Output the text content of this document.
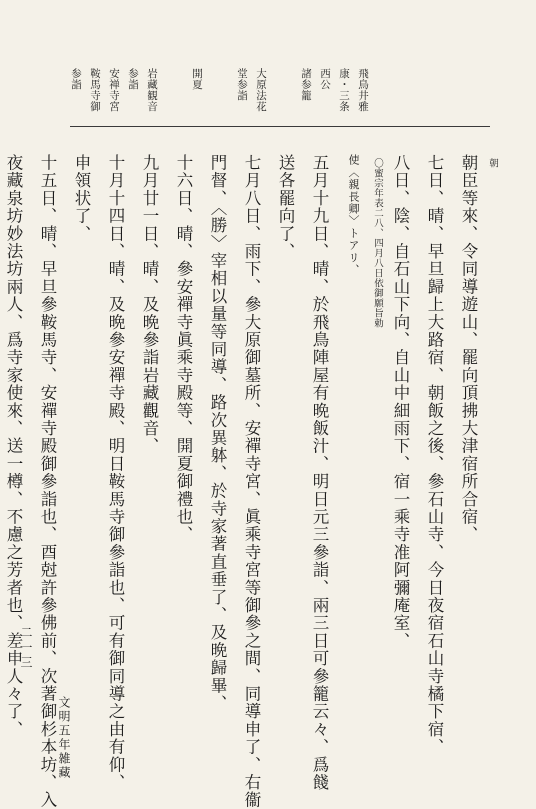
飛鳥井雅
康・三条
西公
諸参籠
大原法花
堂参詣
開夏
岩藏観音
参詣
安禅寺宮
鞍馬寺御
参詣
朝
朝臣等來、令同導遊山、罷向頂拂大津宿所合宿、
七日、晴、早旦歸上大路宿、朝飯之後、參石山寺、今日夜宿石山寺橘下宿、
八日、陰、自石山下向、自山中細雨下、宿一乘寺准阿彌庵室、
〇蜜宗年表二八、四月八日依御願旨勅
使〈親長卿〉トアリ、
五月十九日、晴、於飛鳥陣屋有晩飯汁、明日元三參詣、兩三日可參籠云々、爲餞
送各罷向了、
七月八日、雨下、參大原御墓所、安禪寺宮、眞乘寺宮等御參之間、同導申了、右衞
門督、〈勝〉宰相以量等同導、路次異躰、於寺家著直垂了、及晩歸畢、
十六日、晴、參安禪寺眞乘寺殿等、開夏御禮也、
九月廿一日、晴、及晩參詣岩藏觀音、
十月十四日、晴、及晩參安禪寺殿、明日鞍馬寺御參詣也、可有御同導之由有仰、
申領状了、
十五日、晴、早旦參鞍馬寺、安禪寺殿御參詣也、酉尅許參佛前、次著御杉本坊、入
夜藏泉坊妙法坊兩人、爲寺家使來、送一樽、不慮之芳者也、差申人々了、	文明五年雑藏
二一三
